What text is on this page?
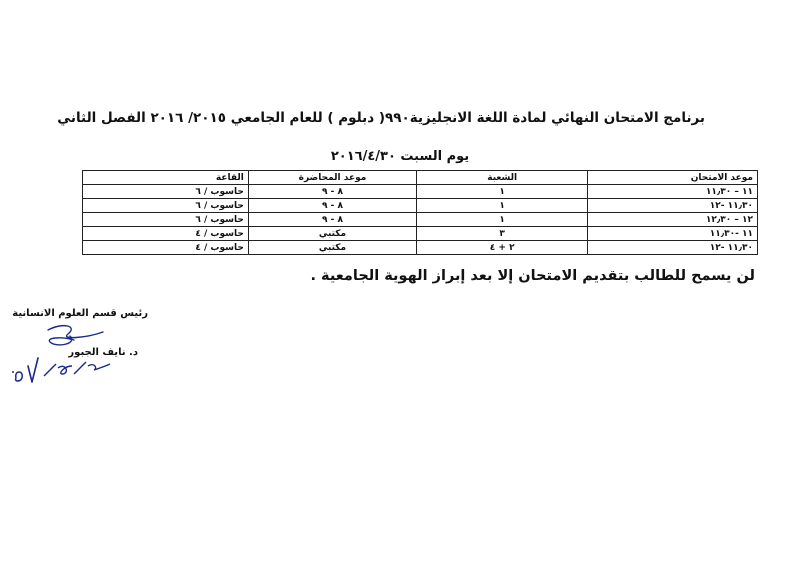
برنامج الامتحان النهائي لمادة اللغة الانجليزية٩٩٠( دبلوم ) للعام الجامعي ٢٠١٥/ ٢٠١٦ الفصل الثاني
يوم السبت ٢٠١٦/٤/٣٠
موعد الامتحان	الشعبة	موعد المحاضرة	القاعة
١١ – ١١٫٣٠	١	٨ - ٩	حاسوب / ٦
١١٫٣٠ -١٢	١	٨ - ٩	حاسوب / ٦
١٢ – ١٢٫٣٠	١	٨ - ٩	حاسوب / ٦
١١ -١١٫٣٠	٣	مكتبي	حاسوب / ٤
١١٫٣٠ -١٢	٢ + ٤	مكتبي	حاسوب / ٤
لن يسمح للطالب بتقديم الامتحان إلا بعد إبراز الهوية الجامعية .
رئيس قسم العلوم الانسانية
د. نايف الجبور
